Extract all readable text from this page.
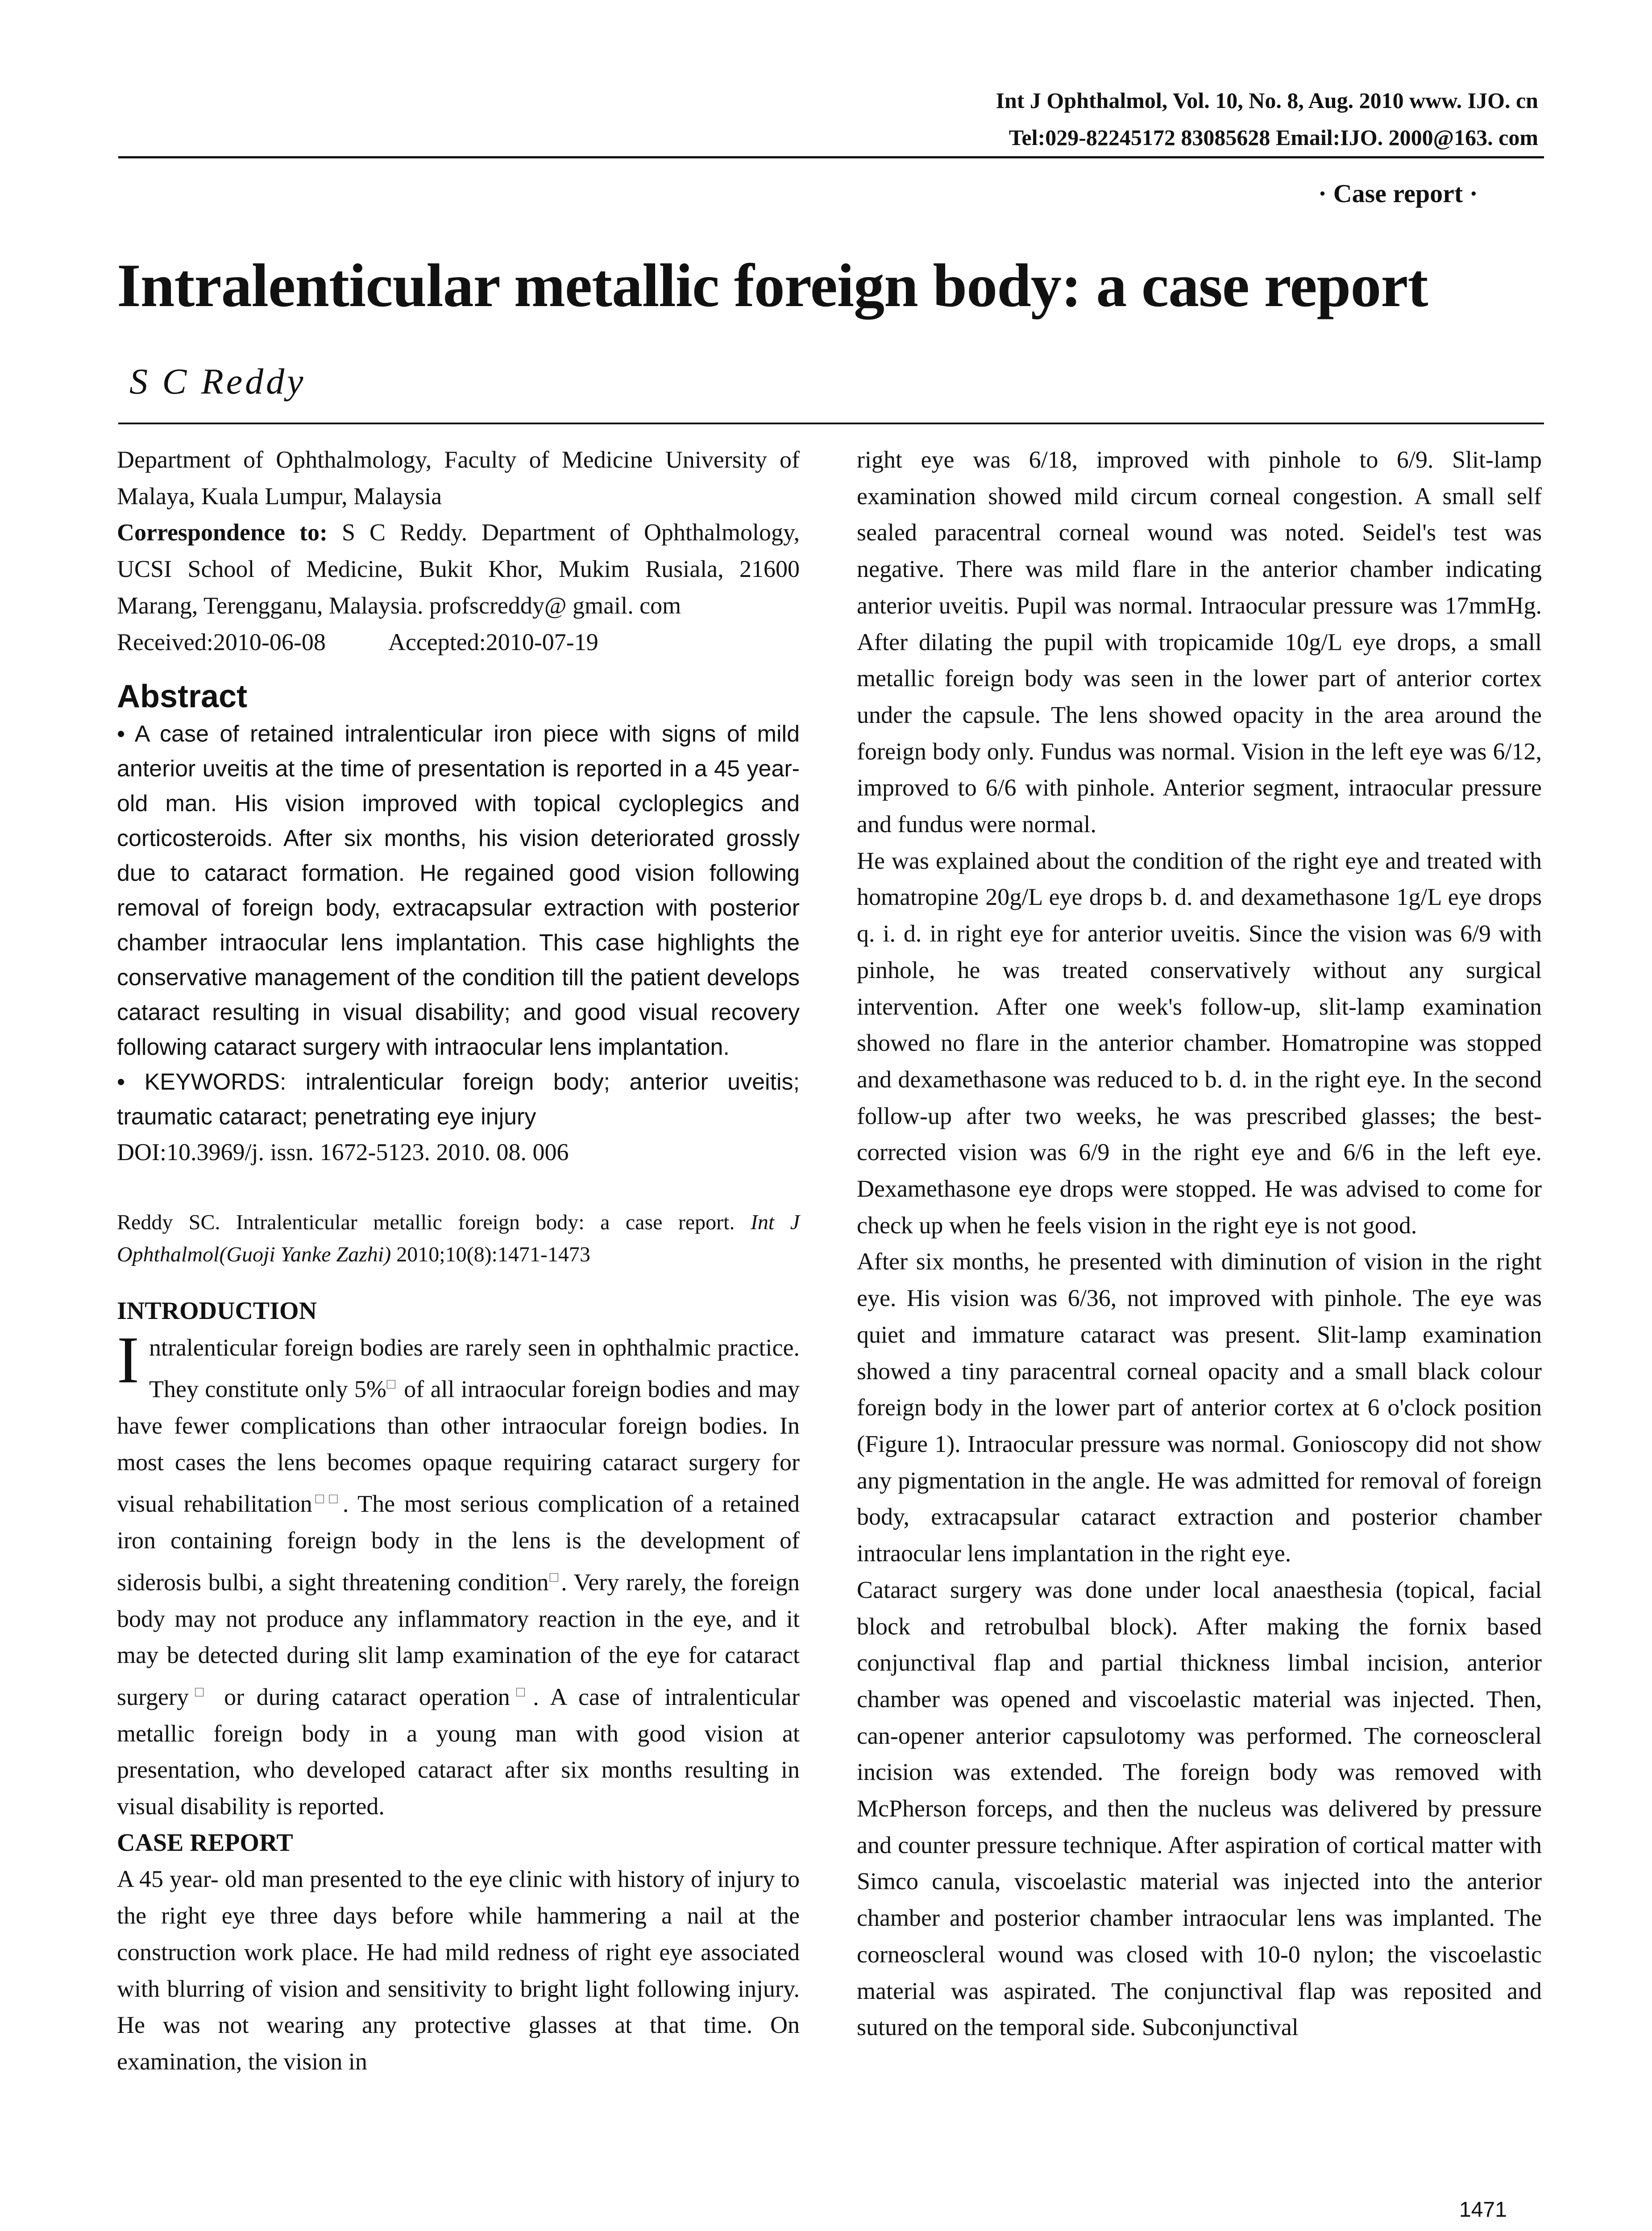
Int J Ophthalmol, Vol. 10, No. 8, Aug. 2010 www. IJO. cn
Tel:029-82245172 83085628 Email:IJO. 2000@163. com
· Case report ·
Intralenticular metallic foreign body: a case report
S C Reddy

Department of Ophthalmology, Faculty of Medicine University of Malaya, Kuala Lumpur, Malaysia

Correspondence to: S C Reddy. Department of Ophthalmology, UCSI School of Medicine, Bukit Khor, Mukim Rusiala, 21600 Marang, Terengganu, Malaysia. profscreddy@ gmail. com

Received:2010-06-08	Accepted:2010-07-19

Abstract

• A case of retained intralenticular iron piece with signs of mild anterior uveitis at the time of presentation is reported in a 45 year-old man. His vision improved with topical cycloplegics and corticosteroids. After six months, his vision deteriorated grossly due to cataract formation. He regained good vision following removal of foreign body, extracapsular extraction with posterior chamber intraocular lens implantation. This case highlights the conservative management of the condition till the patient develops cataract resulting in visual disability; and good visual recovery following cataract surgery with intraocular lens implantation.

• KEYWORDS: intralenticular foreign body; anterior uveitis; traumatic cataract; penetrating eye injury

DOI:10.3969/j. issn. 1672-5123. 2010. 08. 006

Reddy SC. Intralenticular metallic foreign body: a case report. Int J Ophthalmol(Guoji Yanke Zazhi) 2010;10(8):1471-1473

INTRODUCTION

Intralenticular foreign bodies are rarely seen in ophthalmic practice. They constitute only 5%□ of all intraocular foreign bodies and may have fewer complications than other intraocular foreign bodies. In most cases the lens becomes opaque requiring cataract surgery for visual rehabilitation□□. The most serious complication of a retained iron containing foreign body in the lens is the development of siderosis bulbi, a sight threatening condition□. Very rarely, the foreign body may not produce any inflammatory reaction in the eye, and it may be detected during slit lamp examination of the eye for cataract surgery□ or during cataract operation□. A case of intralenticular metallic foreign body in a young man with good vision at presentation, who developed cataract after six months resulting in visual disability is reported.

CASE REPORT

A 45 year- old man presented to the eye clinic with history of injury to the right eye three days before while hammering a nail at the construction work place. He had mild redness of right eye associated with blurring of vision and sensitivity to bright light following injury. He was not wearing any protective glasses at that time. On examination, the vision in

right eye was 6/18, improved with pinhole to 6/9. Slit-lamp examination showed mild circum corneal congestion. A small self sealed paracentral corneal wound was noted. Seidel's test was negative. There was mild flare in the anterior chamber indicating anterior uveitis. Pupil was normal. Intraocular pressure was 17mmHg. After dilating the pupil with tropicamide 10g/L eye drops, a small metallic foreign body was seen in the lower part of anterior cortex under the capsule. The lens showed opacity in the area around the foreign body only. Fundus was normal. Vision in the left eye was 6/12, improved to 6/6 with pinhole. Anterior segment, intraocular pressure and fundus were normal.

He was explained about the condition of the right eye and treated with homatropine 20g/L eye drops b. d. and dexamethasone 1g/L eye drops q. i. d. in right eye for anterior uveitis. Since the vision was 6/9 with pinhole, he was treated conservatively without any surgical intervention. After one week's follow-up, slit-lamp examination showed no flare in the anterior chamber. Homatropine was stopped and dexamethasone was reduced to b. d. in the right eye. In the second follow-up after two weeks, he was prescribed glasses; the best-corrected vision was 6/9 in the right eye and 6/6 in the left eye. Dexamethasone eye drops were stopped. He was advised to come for check up when he feels vision in the right eye is not good.

After six months, he presented with diminution of vision in the right eye. His vision was 6/36, not improved with pinhole. The eye was quiet and immature cataract was present. Slit-lamp examination showed a tiny paracentral corneal opacity and a small black colour foreign body in the lower part of anterior cortex at 6 o'clock position (Figure 1). Intraocular pressure was normal. Gonioscopy did not show any pigmentation in the angle. He was admitted for removal of foreign body, extracapsular cataract extraction and posterior chamber intraocular lens implantation in the right eye.

Cataract surgery was done under local anaesthesia (topical, facial block and retrobulbal block). After making the fornix based conjunctival flap and partial thickness limbal incision, anterior chamber was opened and viscoelastic material was injected. Then, can-opener anterior capsulotomy was performed. The corneoscleral incision was extended. The foreign body was removed with McPherson forceps, and then the nucleus was delivered by pressure and counter pressure technique. After aspiration of cortical matter with Simco canula, viscoelastic material was injected into the anterior chamber and posterior chamber intraocular lens was implanted. The corneoscleral wound was closed with 10-0 nylon; the viscoelastic material was aspirated. The conjunctival flap was reposited and sutured on the temporal side. Subconjunctival

1471
